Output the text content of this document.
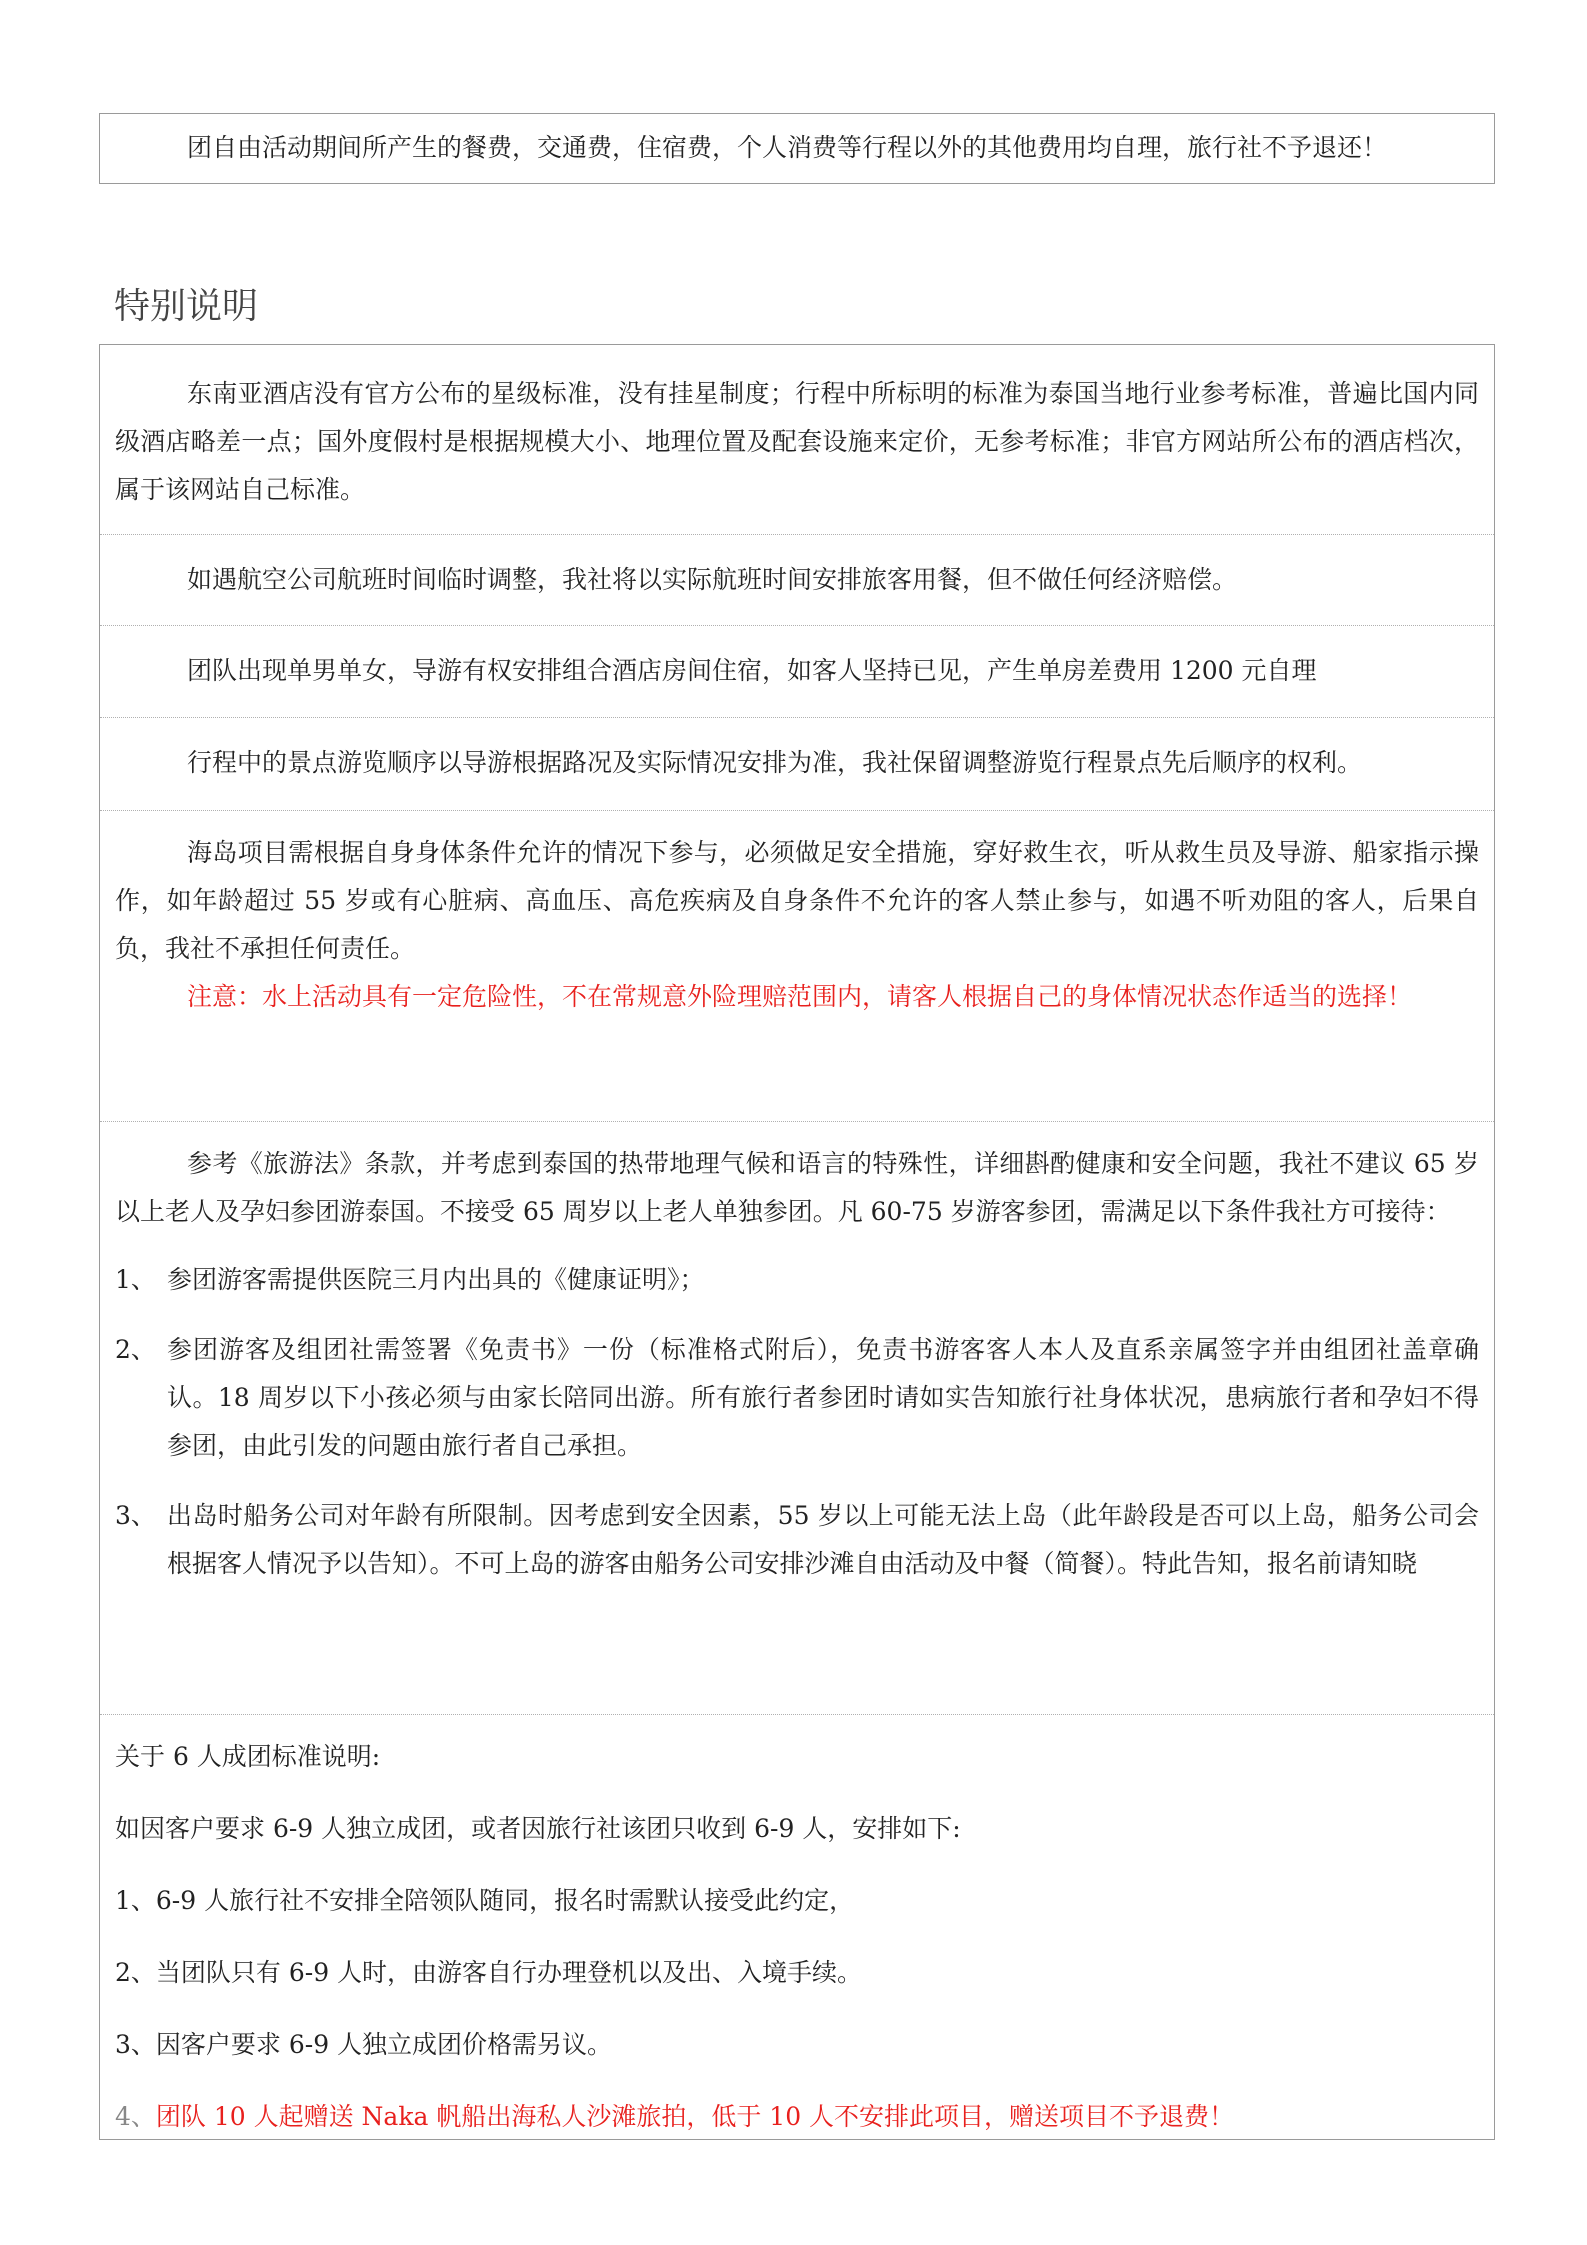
团自由活动期间所产生的餐费，交通费，住宿费，个人消费等行程以外的其他费用均自理，旅行社不予退还！

特别说明

东南亚酒店没有官方公布的星级标准，没有挂星制度；行程中所标明的标准为泰国当地行业参考标准，普遍比国内同级酒店略差一点；国外度假村是根据规模大小、地理位置及配套设施来定价，无参考标准；非官方网站所公布的酒店档次，属于该网站自己标准。

如遇航空公司航班时间临时调整，我社将以实际航班时间安排旅客用餐，但不做任何经济赔偿。

团队出现单男单女，导游有权安排组合酒店房间住宿，如客人坚持已见，产生单房差费用 1200 元自理

行程中的景点游览顺序以导游根据路况及实际情况安排为准，我社保留调整游览行程景点先后顺序的权利。

海岛项目需根据自身身体条件允许的情况下参与，必须做足安全措施，穿好救生衣，听从救生员及导游、船家指示操作，如年龄超过 55 岁或有心脏病、高血压、高危疾病及自身条件不允许的客人禁止参与，如遇不听劝阻的客人，后果自负，我社不承担任何责任。

注意：水上活动具有一定危险性，不在常规意外险理赔范围内，请客人根据自己的身体情况状态作适当的选择！

参考《旅游法》条款，并考虑到泰国的热带地理气候和语言的特殊性，详细斟酌健康和安全问题，我社不建议 65 岁以上老人及孕妇参团游泰国。不接受 65 周岁以上老人单独参团。凡 60-75 岁游客参团，需满足以下条件我社方可接待：

1、 参团游客需提供医院三月内出具的《健康证明》；
2、 参团游客及组团社需签署《免责书》一份（标准格式附后），免责书游客客人本人及直系亲属签字并由组团社盖章确认。18 周岁以下小孩必须与由家长陪同出游。所有旅行者参团时请如实告知旅行社身体状况，患病旅行者和孕妇不得参团，由此引发的问题由旅行者自己承担。
3、 出岛时船务公司对年龄有所限制。因考虑到安全因素，55 岁以上可能无法上岛（此年龄段是否可以上岛，船务公司会根据客人情况予以告知）。不可上岛的游客由船务公司安排沙滩自由活动及中餐（简餐）。特此告知，报名前请知晓

关于 6 人成团标准说明:

如因客户要求 6-9 人独立成团，或者因旅行社该团只收到 6-9 人，安排如下:

1、6-9 人旅行社不安排全陪领队随同，报名时需默认接受此约定，

2、当团队只有 6-9 人时，由游客自行办理登机以及出、入境手续。

3、因客户要求 6-9 人独立成团价格需另议。

4、团队 10 人起赠送 Naka 帆船出海私人沙滩旅拍，低于 10 人不安排此项目，赠送项目不予退费！
